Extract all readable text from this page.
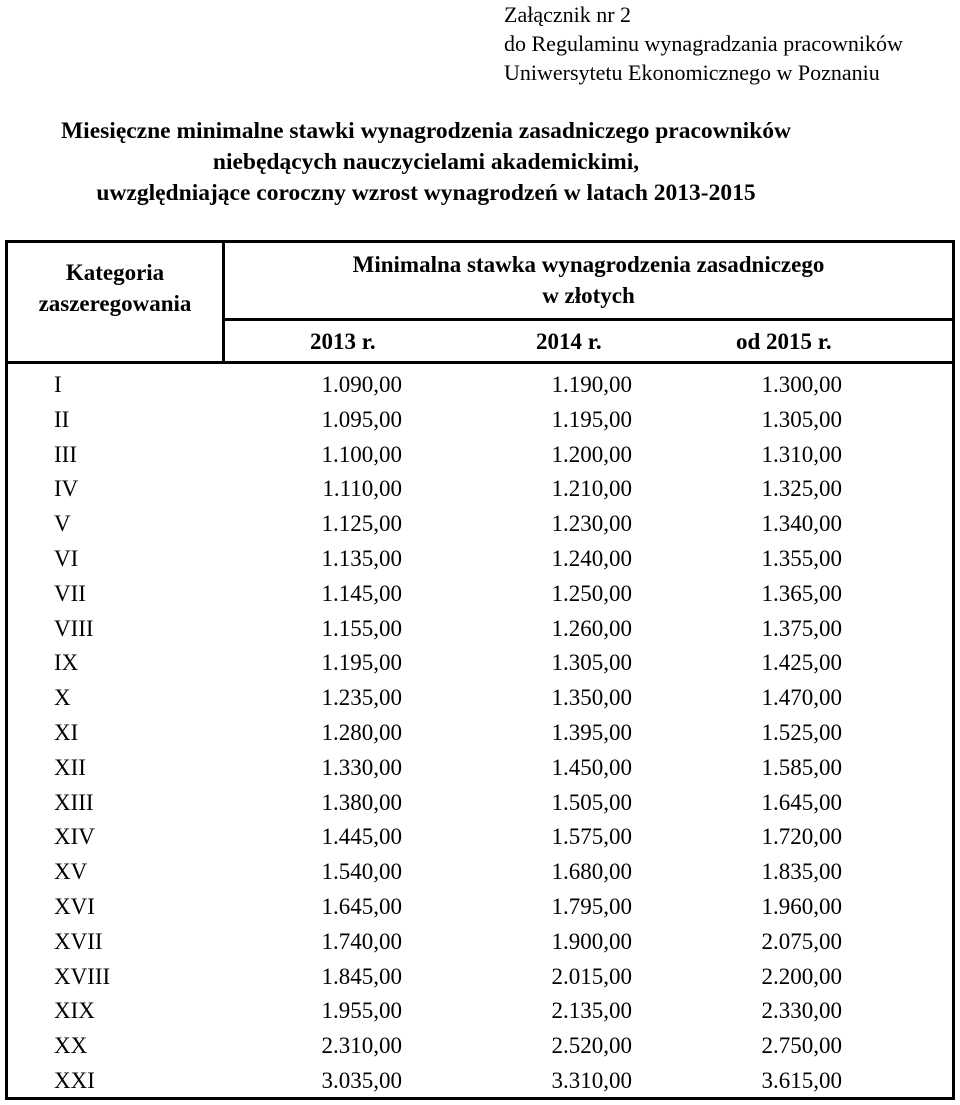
Załącznik nr 2
do Regulaminu wynagradzania pracowników
Uniwersytetu Ekonomicznego w Poznaniu
Miesięczne minimalne stawki wynagrodzenia zasadniczego pracowników
niebędących nauczycielami akademickimi,
uwzględniające coroczny wzrost wynagrodzeń w latach 2013-2015
Kategoria
zaszeregowania
Minimalna stawka wynagrodzenia zasadniczego
w złotych
2013 r.	2014 r.	od 2015 r.
I	1.090,00	1.190,00	1.300,00
II	1.095,00	1.195,00	1.305,00
III	1.100,00	1.200,00	1.310,00
IV	1.110,00	1.210,00	1.325,00
V	1.125,00	1.230,00	1.340,00
VI	1.135,00	1.240,00	1.355,00
VII	1.145,00	1.250,00	1.365,00
VIII	1.155,00	1.260,00	1.375,00
IX	1.195,00	1.305,00	1.425,00
X	1.235,00	1.350,00	1.470,00
XI	1.280,00	1.395,00	1.525,00
XII	1.330,00	1.450,00	1.585,00
XIII	1.380,00	1.505,00	1.645,00
XIV	1.445,00	1.575,00	1.720,00
XV	1.540,00	1.680,00	1.835,00
XVI	1.645,00	1.795,00	1.960,00
XVII	1.740,00	1.900,00	2.075,00
XVIII	1.845,00	2.015,00	2.200,00
XIX	1.955,00	2.135,00	2.330,00
XX	2.310,00	2.520,00	2.750,00
XXI	3.035,00	3.310,00	3.615,00
